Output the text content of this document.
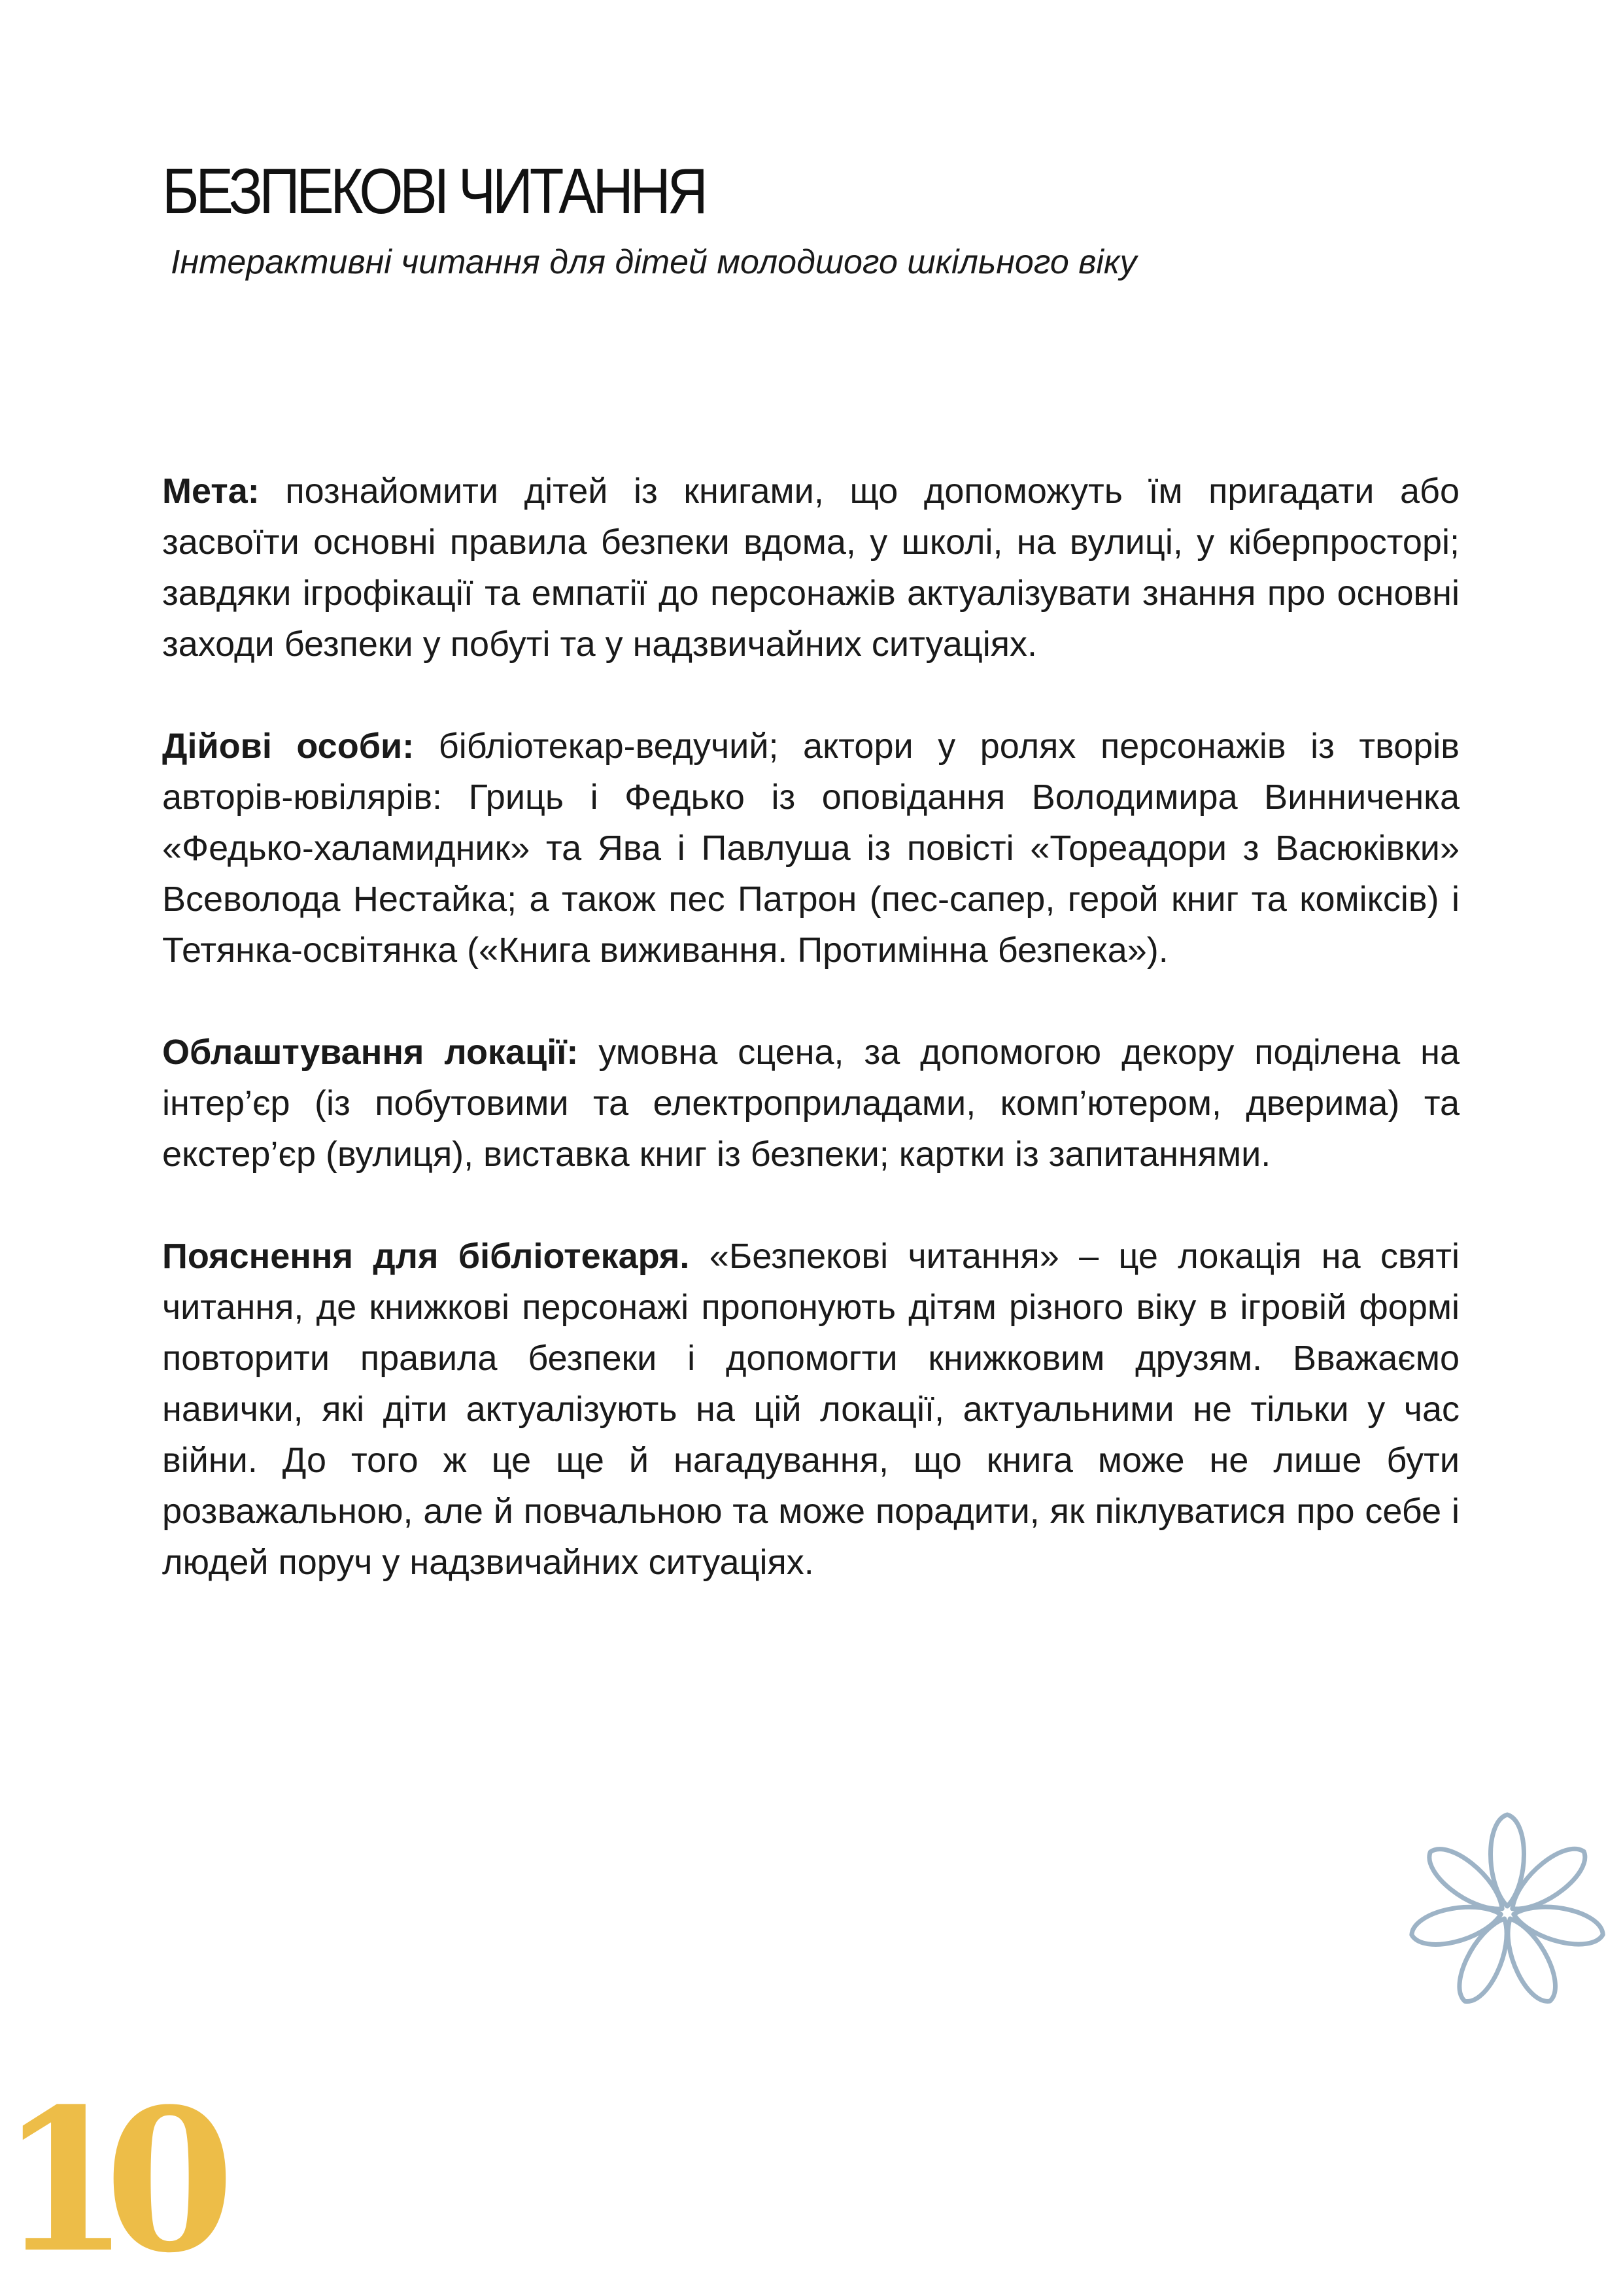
БЕЗПЕКОВІ ЧИТАННЯ

Інтерактивні читання для дітей молодшого шкільного віку

Мета: познайомити дітей із книгами, що допоможуть їм пригадати або засвоїти основні правила безпеки вдома, у школі, на вулиці, у кіберпросторі; завдяки ігрофікації та емпатії до персонажів актуалізувати знання про основні заходи безпеки у побуті та у надзвичайних ситуаціях.

Дійові особи: бібліотекар-ведучий; актори у ролях персонажів із творів авторів-ювілярів: Гриць і Федько із оповідання Володимира Винниченка «Федько-халамидник» та Ява і Павлуша із повісті «Тореадори з Васюківки» Всеволода Нестайка; а також пес Патрон (пес-сапер, герой книг та коміксів) і Тетянка-освітянка («Книга виживання. Протимінна безпека»).

Облаштування локації: умовна сцена, за допомогою декору поділена на інтер’єр (із побутовими та електроприладами, комп’ютером, дверима) та екстер’єр (вулиця), виставка книг із безпеки; картки із запитаннями.

Пояснення для бібліотекаря. «Безпекові читання» – це локація на святі читання, де книжкові персонажі пропонують дітям різного віку в ігровій формі повторити правила безпеки і допомогти книжковим друзям. Вважаємо навички, які діти актуалізують на цій локації, актуальними не тільки у час війни. До того ж це ще й нагадування, що книга може не лише бути розважальною, але й повчальною та може порадити, як піклуватися про себе і людей поруч у надзвичайних ситуаціях.

10
